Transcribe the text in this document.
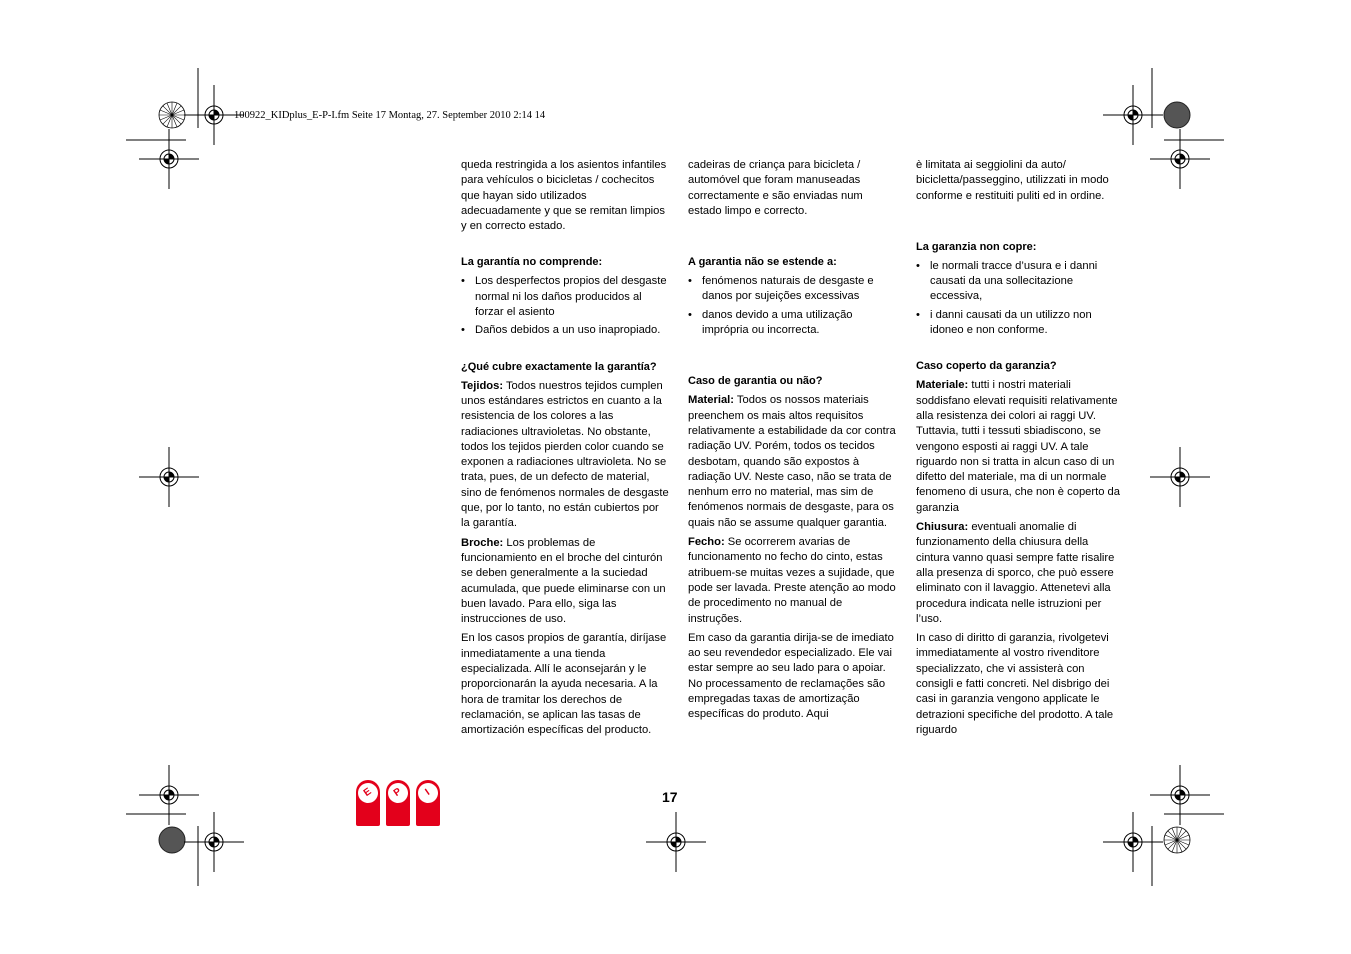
100922_KIDplus_E-P-I.fm Seite 17 Montag, 27. September 2010 2:14 14

queda restringida a los asientos infantiles para vehículos o bicicletas / cochecitos que hayan sido utilizados adecuadamente y que se remitan limpios y en correcto estado.

La garantía no comprende:
• Los desperfectos propios del desgaste normal ni los daños producidos al forzar el asiento
• Daños debidos a un uso inapropiado.
¿Qué cubre exactamente la garantía?

Tejidos: Todos nuestros tejidos cumplen unos estándares estrictos en cuanto a la resistencia de los colores a las radiaciones ultravioletas. No obstante, todos los tejidos pierden color cuando se exponen a radiaciones ultravioleta. No se trata, pues, de un defecto de material, sino de fenómenos normales de desgaste que, por lo tanto, no están cubiertos por la garantía.

Broche: Los problemas de funcionamiento en el broche del cinturón se deben generalmente a la suciedad acumulada, que puede eliminarse con un buen lavado. Para ello, siga las instrucciones de uso.

En los casos propios de garantía, diríjase inmediatamente a una tienda especializada. Allí le aconsejarán y le proporcionarán la ayuda necesaria. A la hora de tramitar los derechos de reclamación, se aplican las tasas de amortización específicas del producto.

cadeiras de criança para bicicleta / automóvel que foram manuseadas correctamente e são enviadas num estado limpo e correcto.

A garantia não se estende a:
• fenómenos naturais de desgaste e danos por sujeições excessivas
• danos devido a uma utilização imprópria ou incorrecta.
Caso de garantia ou não?

Material: Todos os nossos materiais preenchem os mais altos requisitos relativamente a estabilidade da cor contra radiação UV. Porém, todos os tecidos desbotam, quando são expostos à radiação UV. Neste caso, não se trata de nenhum erro no material, mas sim de fenómenos normais de desgaste, para os quais não se assume qualquer garantia.

Fecho: Se ocorrerem avarias de funcionamento no fecho do cinto, estas atribuem-se muitas vezes a sujidade, que pode ser lavada. Preste atenção ao modo de procedimento no manual de instruções.

Em caso da garantia dirija-se de imediato ao seu revendedor especializado. Ele vai estar sempre ao seu lado para o apoiar. No processamento de reclamações são empregadas taxas de amortização específicas do produto. Aqui

è limitata ai seggiolini da auto/ bicicletta/passeggino, utilizzati in modo conforme e restituiti puliti ed in ordine.

La garanzia non copre:
• le normali tracce d’usura e i danni causati da una sollecitazione eccessiva,
• i danni causati da un utilizzo non idoneo e non conforme.
Caso coperto da garanzia?

Materiale: tutti i nostri materiali soddisfano elevati requisiti relativamente alla resistenza dei colori ai raggi UV. Tuttavia, tutti i tessuti sbiadiscono, se vengono esposti ai raggi UV. A tale riguardo non si tratta in alcun caso di un difetto del materiale, ma di un normale fenomeno di usura, che non è coperto da garanzia

Chiusura: eventuali anomalie di funzionamento della chiusura della cintura vanno quasi sempre fatte risalire alla presenza di sporco, che può essere eliminato con il lavaggio. Attenetevi alla procedura indicata nelle istruzioni per l’uso.

In caso di diritto di garanzia, rivolgetevi immediatamente al vostro rivenditore specializzato, che vi assisterà con consigli e fatti concreti. Nel disbrigo dei casi in garanzia vengono applicate le detrazioni specifiche del prodotto. A tale riguardo

E	P	I	17
